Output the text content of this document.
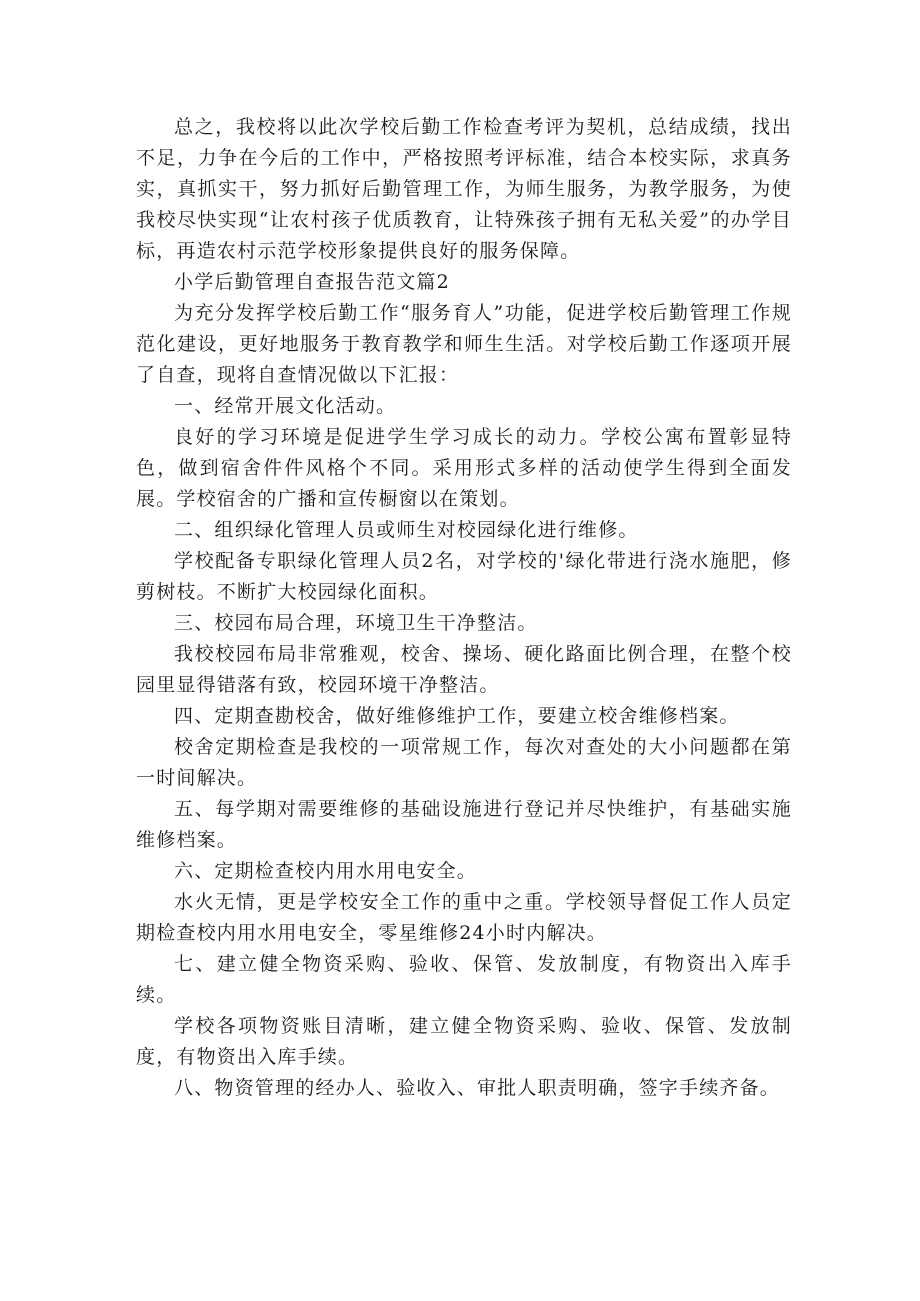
总之，我校将以此次学校后勤工作检查考评为契机，总结成绩，找出不足，力争在今后的工作中，严格按照考评标准，结合本校实际，求真务实，真抓实干，努力抓好后勤管理工作，为师生服务，为教学服务，为使我校尽快实现“让农村孩子优质教育，让特殊孩子拥有无私关爱”的办学目标，再造农村示范学校形象提供良好的服务保障。

小学后勤管理自查报告范文篇2

为充分发挥学校后勤工作“服务育人”功能，促进学校后勤管理工作规范化建设，更好地服务于教育教学和师生生活。对学校后勤工作逐项开展了自查，现将自查情况做以下汇报：

一、经常开展文化活动。

良好的学习环境是促进学生学习成长的动力。学校公寓布置彰显特色，做到宿舍件件风格个不同。采用形式多样的活动使学生得到全面发展。学校宿舍的广播和宣传橱窗以在策划。

二、组织绿化管理人员或师生对校园绿化进行维修。

学校配备专职绿化管理人员2名，对学校的'绿化带进行浇水施肥，修剪树枝。不断扩大校园绿化面积。

三、校园布局合理，环境卫生干净整洁。

我校校园布局非常雅观，校舍、操场、硬化路面比例合理，在整个校园里显得错落有致，校园环境干净整洁。

四、定期查勘校舍，做好维修维护工作，要建立校舍维修档案。

校舍定期检查是我校的一项常规工作，每次对查处的大小问题都在第一时间解决。

五、每学期对需要维修的基础设施进行登记并尽快维护，有基础实施维修档案。

六、定期检查校内用水用电安全。

水火无情，更是学校安全工作的重中之重。学校领导督促工作人员定期检查校内用水用电安全，零星维修24小时内解决。

七、建立健全物资采购、验收、保管、发放制度，有物资出入库手续。

学校各项物资账目清晰，建立健全物资采购、验收、保管、发放制度，有物资出入库手续。

八、物资管理的经办人、验收入、审批人职责明确，签字手续齐备。
